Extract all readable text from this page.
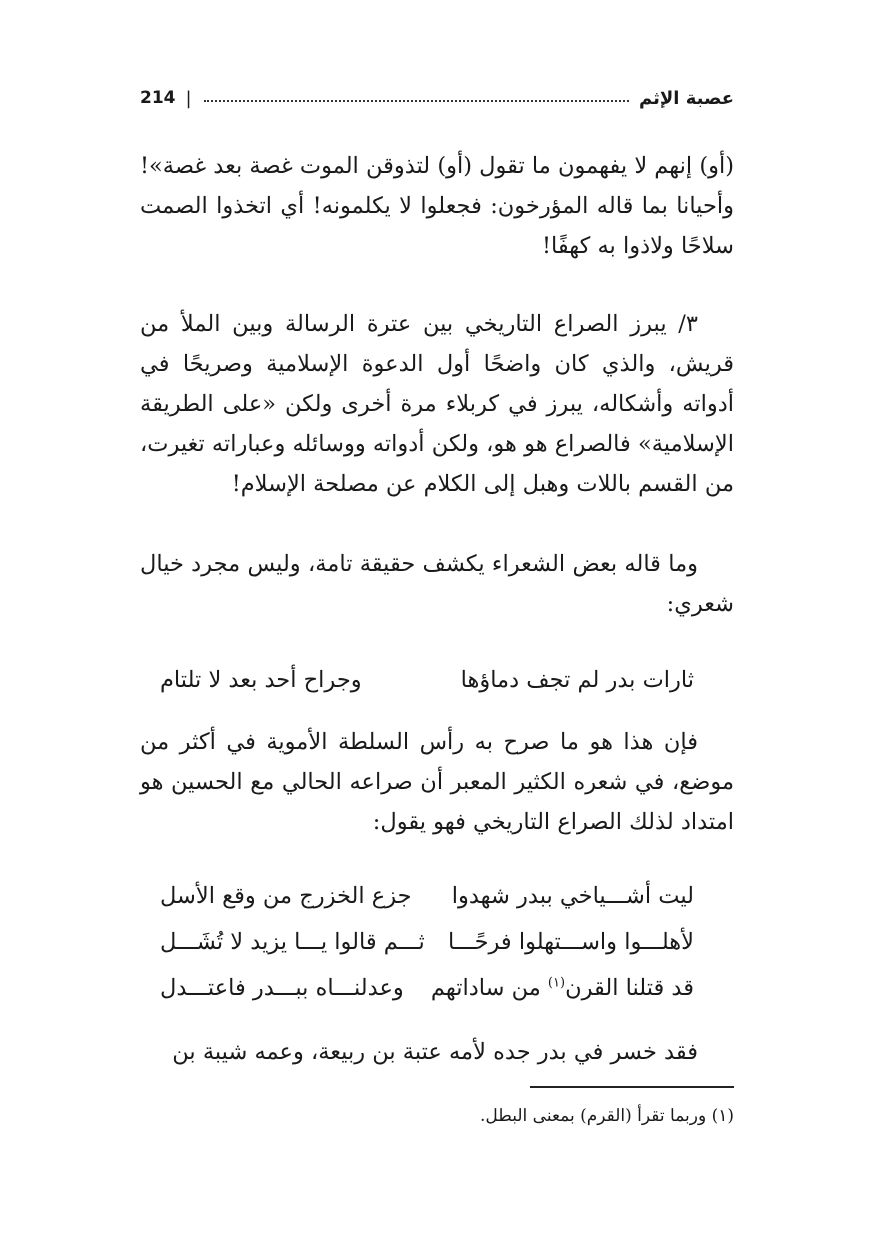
214 |	عصبة الإثم

(أو) إنهم لا يفهمون ما تقول (أو) لتذوقن الموت غصة بعد غصة»! وأحيانا بما قاله المؤرخون: فجعلوا لا يكلمونه! أي اتخذوا الصمت سلاحًا ولاذوا به كهفًا!

٣/ يبرز الصراع التاريخي بين عترة الرسالة وبين الملأ من قريش، والذي كان واضحًا أول الدعوة الإسلامية وصريحًا في أدواته وأشكاله، يبرز في كربلاء مرة أخرى ولكن «على الطريقة الإسلامية» فالصراع هو هو، ولكن أدواته ووسائله وعباراته تغيرت، من القسم باللات وهبل إلى الكلام عن مصلحة الإسلام!

وما قاله بعض الشعراء يكشف حقيقة تامة، وليس مجرد خيال شعري:

ثارات بدر لم تجف دماؤها
وجراح أحد بعد لا تلتام

فإن هذا هو ما صرح به رأس السلطة الأموية في أكثر من موضع، في شعره الكثير المعبر أن صراعه الحالي مع الحسين هو امتداد لذلك الصراع التاريخي فهو يقول:

ليت أشـــياخي ببدر شهدوا
جزع الخزرج من وقع الأسل
لأهلـــوا واســـتهلوا فرحًـــا
ثـــم قالوا يـــا يزيد لا تُشَـــل
قد قتلنا القرن$^{(١)}$ من ساداتهم
وعدلنـــاه ببـــدر فاعتـــدل

فقد خسر في بدر جده لأمه عتبة بن ربيعة، وعمه شيبة بن

(١) وربما تقرأ (القرم) بمعنى البطل.
